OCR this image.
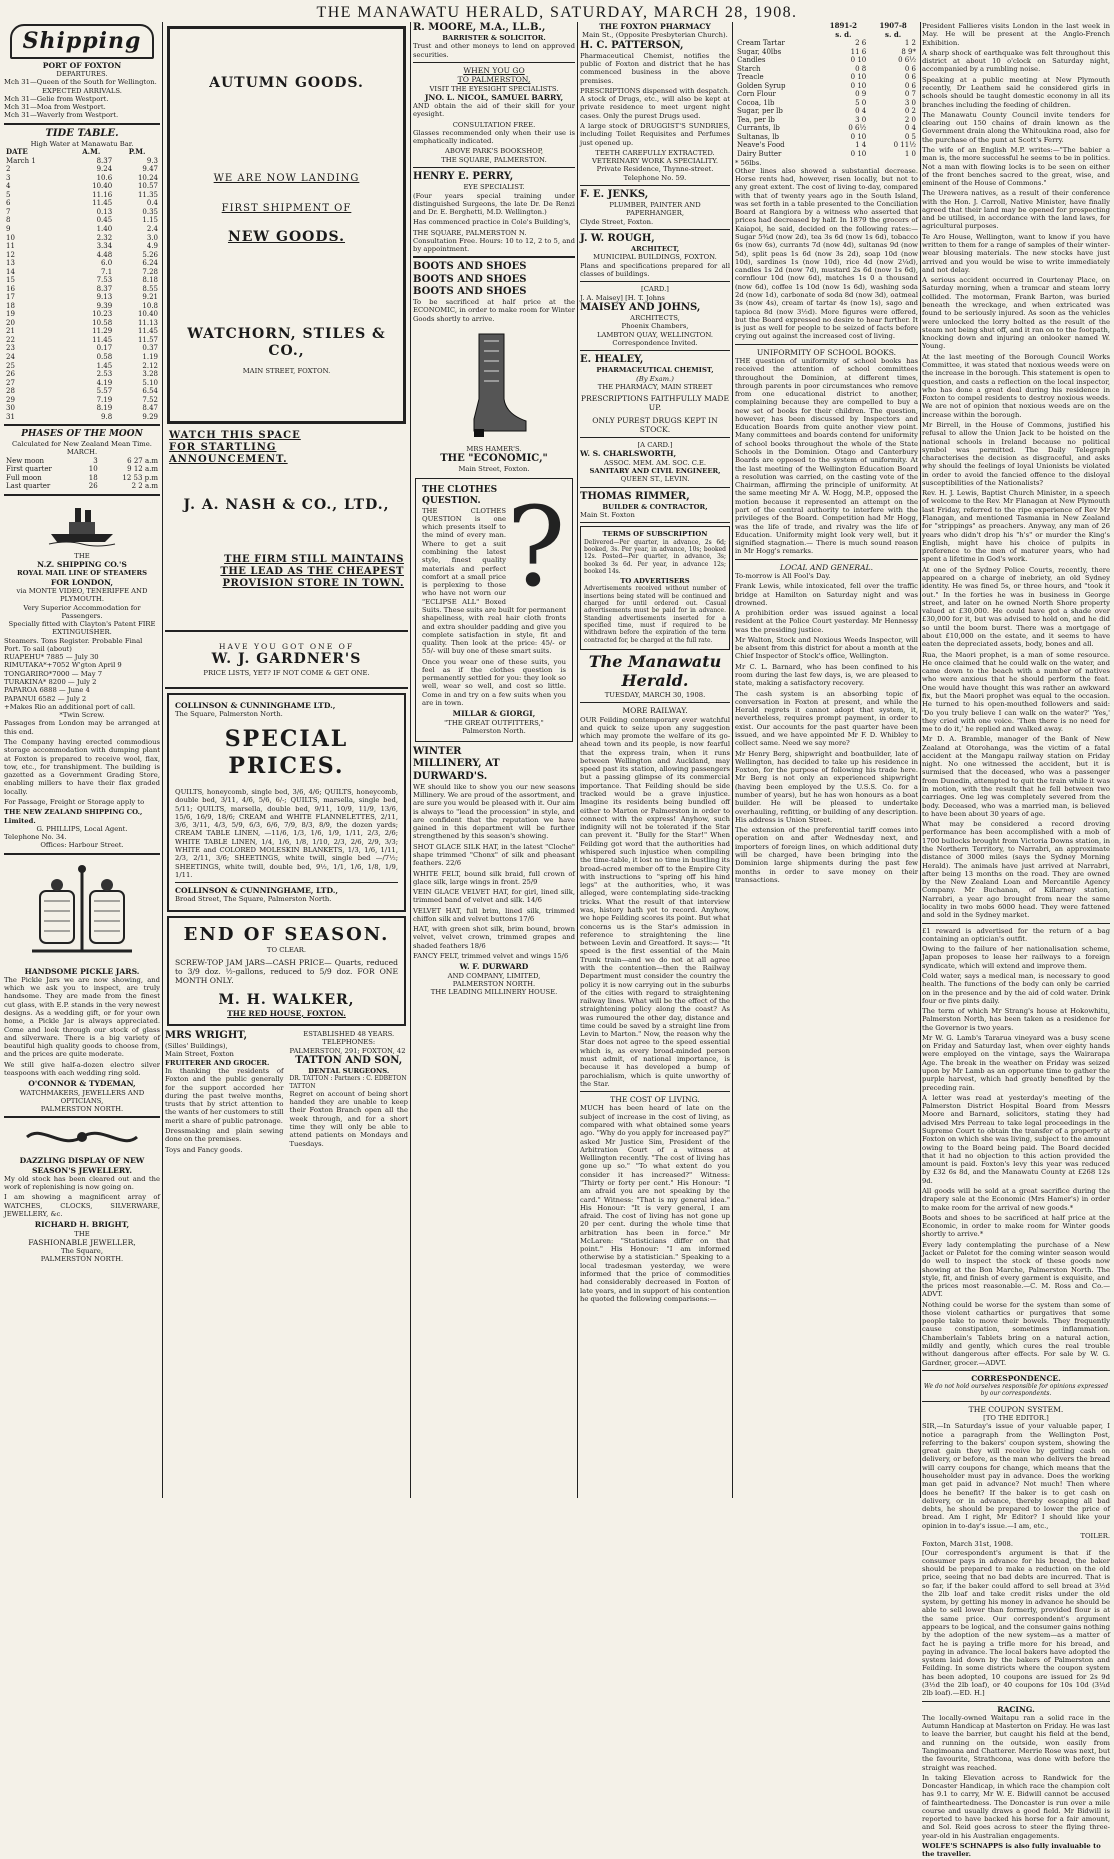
THE MANAWATU HERALD, SATURDAY, MARCH 28, 1908.
Shipping
PORT OF FOXTON
DEPARTURES.
Mch 31—Queen of the South for Wellington.
EXPECTED ARRIVALS.
Mch 31—Gelie from Westport.
Mch 31—Moa from Westport.
Mch 31—Waverly from Westport.
TIDE TABLE.
High Water at Manawatu Bar.
DATE	A.M.	P.M.
March 1	8.37	9.3
2	9.24	9.47
3	10.6	10.24
4	10.40	10.57
5	11.16	11.35
6	11.45	0.4
7	0.13	0.35
8	0.45	1.15
9	1.40	2.4
10	2.32	3.0
11	3.34	4.9
12	4.48	5.26
13	6.0	6.24
14	7.1	7.28
15	7.53	8.18
16	8.37	8.55
17	9.13	9.21
18	9.39	10.8
19	10.23	10.40
20	10.58	11.13
21	11.29	11.45
22	11.45	11.57
23	0.17	0.37
24	0.58	1.19
25	1.45	2.12
26	2.53	3.28
27	4.19	5.10
28	5.57	6.54
29	7.19	7.52
30	8.19	8.47
31	9.8	9.29
PHASES OF THE MOON
Calculated for New Zealand Mean Time.
MARCH.
New moon	3	6 27 a.m
First quarter	10	9 12 a.m
Full moon	18	12 53 p.m
Last quarter	26	2 2 a.m
THE
N.Z. SHIPPING CO.'S
ROYAL MAIL LINE OF STEAMERS
FOR LONDON,
via MONTE VIDEO, TENERIFFE AND PLYMOUTH.
Very Superior Accommodation for Passengers.
Specially fitted with Clayton's Patent FIRE EXTINGUISHER.
Steamers. Tons Register. Probable Final Port. To sail (about)
RUAPEHU* 7885 — July 30
RIMUTAKA*+7052 W'gton April 9
TONGARIRO*7000 — May 7
TURAKINA* 8200 — July 2
PAPAROA 6888 — June 4
PAPANUI 6582 — July 2
+Makes Rio an additional port of call.
*Twin Screw.

Passages from London may be arranged at this end.

The Company having erected commodious storage accommodation with dumping plant at Foxton is prepared to receive wool, flax, tow, etc., for transhipment. The building is gazetted as a Government Grading Store, enabling millers to have their flax graded locally.

For Passage, Freight or Storage apply to

THE NEW ZEALAND SHIPPING CO., Limited.
G. PHILLIPS, Local Agent.
Telephone No. 34.
Offices: Harbour Street.
HANDSOME PICKLE JARS.

The Pickle Jars we are now showing, and which we ask you to inspect, are truly handsome. They are made from the finest cut glass, with E.P. stands in the very newest designs. As a wedding gift, or for your own home, a Pickle Jar is always appreciated. Come and look through our stock of glass and silverware. There is a big variety of beautiful high quality goods to choose from, and the prices are quite moderate.

We still give half-a-dozen electro silver teaspoons with each wedding ring sold.

O'CONNOR & TYDEMAN,
WATCHMAKERS, JEWELLERS AND OPTICIANS,
PALMERSTON NORTH.
DAZZLING DISPLAY OF NEW SEASON'S JEWELLERY.

My old stock has been cleared out and the work of replenishing is now going on.

I am showing a magnificent array of WATCHES, CLOCKS, SILVERWARE, JEWELLERY, &c.

RICHARD H. BRIGHT,
THE
FASHIONABLE JEWELLER,
The Square,
PALMERSTON NORTH.
AUTUMN GOODS.
WE ARE NOW LANDING
FIRST SHIPMENT OF
NEW GOODS.
WATCHORN, STILES & CO.,
MAIN STREET, FOXTON.
WATCH THIS SPACE
FOR STARTLING
ANNOUNCEMENT.
J. A. NASH & CO., LTD.,
THE FIRM STILL MAINTAINS
THE LEAD AS THE CHEAPEST
PROVISION STORE IN TOWN.
HAVE YOU GOT ONE OF
W. J. GARDNER'S
PRICE LISTS, YET? IF NOT COME & GET ONE.
COLLINSON & CUNNINGHAME LTD.,
The Square, Palmerston North.
SPECIAL PRICES.

QUILTS, honeycomb, single bed, 3/6, 4/6; QUILTS, honeycomb, double bed, 3/11, 4/6, 5/6, 6/-; QUILTS, marsella, single bed, 5/11; QUILTS, marsella, double bed, 9/11, 10/9, 11/9, 13/6, 15/6, 16/9, 18/6; CREAM and WHITE FLANNELETTES, 2/11, 3/6, 3/11, 4/3, 5/9, 6/3, 6/6, 7/9, 8/3, 8/9, the dozen yards; CREAM TABLE LINEN, —11/6, 1/3, 1/6, 1/9, 1/11, 2/3, 2/6; WHITE TABLE LINEN, 1/4, 1/6, 1/8, 1/10, 2/3, 2/6, 2/9, 3/3; WHITE and COLORED MOLESKIN BLANKETS, 1/3, 1/6, 1/11, 2/3, 2/11, 3/6; SHEETINGS, white twill, single bed —/7½; SHEETINGS, white twill, double bed, 9½, 1/1, 1/6, 1/8, 1/9, 1/11.

COLLINSON & CUNNINGHAME, LTD.,
Broad Street, The Square, Palmerston North.
END OF SEASON.
TO CLEAR.

SCREW-TOP JAM JARS—CASH PRICE— Quarts, reduced to 3/9 doz. ½-gallons, reduced to 5/9 doz. FOR ONE MONTH ONLY.

M. H. WALKER,
THE RED HOUSE, FOXTON.
MRS WRIGHT,
(Silles' Buildings),
Main Street, Foxton
FRUITERER AND GROCER.

In thanking the residents of Foxton and the public generally for the support accorded her during the past twelve months, trusts that by strict attention to the wants of her customers to still merit a share of public patronage.

Dressmaking and plain sewing done on the premises.

Toys and Fancy goods.

ESTABLISHED 48 YEARS.
TELEPHONES:
PALMERSTON, 291; FOXTON, 42
TATTON AND SON,
DENTAL SURGEONS.
DR. TATTON : Partners : C. EDBETON TATTON

Regret on account of being short handed they are unable to keep their Foxton Branch open all the week through, and for a short time they will only be able to attend patients on Mondays and Tuesdays.

R. MOORE, M.A., LL.B.,
BARRISTER & SOLICITOR.

Trust and other moneys to lend on approved securities.

WHEN YOU GO
TO PALMERSTON,
VISIT THE EYESIGHT SPECIALISTS.
JNO. L. NICOL, SAMUEL BARRY,

AND obtain the aid of their skill for your eyesight.

CONSULTATION FREE.

Glasses recommended only when their use is emphatically indicated.

ABOVE PARK'S BOOKSHOP,
THE SQUARE, PALMERSTON.
HENRY E. PERRY,
EYE SPECIALIST.

(Four years special training under distinguished Surgeons, the late Dr. De Renzi and Dr. E. Berghetti, M.D. Wellington.)

Has commenced practice in Cole's Building's,

THE SQUARE, PALMERSTON N.

Consultation Free. Hours: 10 to 12, 2 to 5, and by appointment.

BOOTS AND SHOES
BOOTS AND SHOES
BOOTS AND SHOES

To be sacrificed at half price at the ECONOMIC, in order to make room for Winter Goods shortly to arrive.

MRS HAMER'S.
THE "ECONOMIC,"
Main Street, Foxton.
?
THE CLOTHES QUESTION.

THE CLOTHES QUESTION is one which presents itself to the mind of every man. Where to get a suit combining the latest style, finest quality materials and perfect comfort at a small price is perplexing to those who have not worn our "ECLIPSE ALL" Boxed Suits. These suits are built for permanent shapeliness, with real hair cloth fronts and extra shoulder padding and give you complete satisfaction in style, fit and quality. Then look at the price: 45/- or 55/- will buy one of these smart suits.

Once you wear one of these suits, you feel as if the clothes question is permanently settled for you: they look so well, wear so well, and cost so little. Come in and try on a few suits when you are in town.

MILLAR & GIORGI,
"THE GREAT OUTFITTERS,"
Palmerston North.
WINTER MILLINERY, AT DURWARD'S.

WE should like to show you our new seasons Millinery. We are proud of the assortment, and are sure you would be pleased with it. Our aim is always to "lead the procession" in style, and are confident that the reputation we have gained in this department will be further strengthened by this season's showing.

SHOT GLACE SILK HAT, in the latest "Cloche" shape trimmed "Chonx" of silk and pheasant feathers. 22/6

WHITE FELT, bound silk braid, full crown of glace silk, large wings in front. 25/9

VEIN GLACE VELVET HAT, for girl, lined silk, trimmed band of velvet and silk. 14/6

VELVET HAT, full brim, lined silk, trimmed chiffon silk and velvet buttons 17/6

HAT, with green shot silk, brim bound, brown velvet, velvet crown, trimmed grapes and shaded feathers 18/6

FANCY FELT, trimmed velvet and wings 15/6

W. F. DURWARD
AND COMPANY, LIMITED,
PALMERSTON NORTH.
THE LEADING MILLINERY HOUSE.
THE FOXTON PHARMACY
Main St., (Opposite Presbyterian Church).
H. C. PATTERSON,

Pharmaceutical Chemist, notifies the public of Foxton and district that he has commenced business in the above premises.

PRESCRIPTIONS dispensed with despatch. A stock of Drugs, etc., will also be kept at private residence to meet urgent night cases. Only the purest Drugs used.

A large stock of DRUGGIST'S SUNDRIES, including Toilet Requisites and Perfumes just opened up.

TEETH CAREFULLY EXTRACTED.
VETERINARY WORK A SPECIALITY.
Private Residence, Thynne-street. Telephone No. 59.
F. E. JENKS,
PLUMBER, PAINTER AND PAPERHANGER,
Clyde Street, Foxton.
J. W. ROUGH,
ARCHITECT,
MUNICIPAL BUILDINGS, FOXTON.

Plans and specifications prepared for all classes of buildings.

[CARD.]
J. A. Maisey] [H. T. Johns
MAISEY AND JOHNS,
ARCHITECTS,
Phoenix Chambers,
LAMBTON QUAY, WELLINGTON.
Correspondence Invited.
E. HEALEY,
PHARMACEUTICAL CHEMIST,
(By Exam.)
THE PHARMACY, MAIN STREET
PRESCRIPTIONS FAITHFULLY MADE UP.
ONLY PUREST DRUGS KEPT IN STOCK.
[A CARD.]
W. S. CHARLSWORTH,
ASSOC. MEM. AM. SOC. C.E.
SANITARY AND CIVIL ENGINEER,
QUEEN ST., LEVIN.
THOMAS RIMMER,
BUILDER & CONTRACTOR,
Main St. Foxton
TERMS OF SUBSCRIPTION

Delivered—Per quarter, in advance, 2s 6d; booked, 3s. Per year, in advance, 10s; booked 12s. Posted—Per quarter, in advance, 3s; booked 3s 6d. Per year, in advance 12s; booked 14s.

TO ADVERTISERS

Advertisements received without number of insertions being stated will be continued and charged for until ordered out. Casual advertisements must be paid for in advance. Standing advertisements inserted for a specified time, must if required to be withdrawn before the expiration of the term contracted for, be charged at the full rate.

The Manawatu Herald.
TUESDAY, MARCH 30, 1908.
MORE RAILWAY.

OUR Feilding contemporary ever watchful and quick to seize upon any suggestion which may promote the welfare of its go-ahead town and its people, is now fearful that the express train, when it runs between Wellington and Auckland, may speed past its station, allowing passengers but a passing glimpse of its commercial importance. That Feilding should be side tracked would be a grave injustice. Imagine its residents being bundled off either to Marton or Palmerston in order to connect with the express! Anyhow, such indignity will not be tolerated if the Star can prevent it. "Bully for the Star!" When Feilding got word that the authorities had whispered such injustice when compiling the time-table, it lost no time in bustling its broad-acred member off to the Empire City with instructions to "spring off his hind legs" at the authorities, who, it was alleged, were contemplating side-tracking tricks. What the result of that interview was, history hath yet to record. Anyhow, we hope Feilding scores its point. But what concerns us is the Star's admission in reference to straightening the line between Levin and Greatford. It says:— "It speed is the first essential of the Main Trunk train—and we do not at all agree with the contention—then the Railway Department must consider the country the policy it is now carrying out in the suburbs of the cities with regard to straightening railway lines. What will be the effect of the straightening policy along the coast? As was rumoured the other day, distance and time could be saved by a straight line from Levin to Marton." Now, the reason why the Star does not agree to the speed essential which is, as every broad-minded person must admit, of national importance, is because it has developed a bump of parochialism, which is quite unworthy of the Star.

THE COST OF LIVING.

MUCH has been heard of late on the subject of increase in the cost of living, as compared with what obtained some years ago. "Why do you apply for increased pay?" asked Mr Justice Sim, President of the Arbitration Court of a witness at Wellington recently. "The cost of living has gone up so." "To what extent do you consider it has increased?" Witness: "Thirty or forty per cent." His Honour: "I am afraid you are not speaking by the card." Witness: "That is my general idea." His Honour: "It is very general, I am afraid. The cost of living has not gone up 20 per cent. during the whole time that arbitration has been in force." Mr McLaren: "Statisticians differ on that point." His Honour: "I am informed otherwise by a statistician." Speaking to a local tradesman yesterday, we were informed that the price of commodities had considerably decreased in Foxton of late years, and in support of his contention he quoted the following comparisons:—

	1891-2	1907-8
	s. d.	s. d.
Cream Tartar	2 6	1 2
Sugar, 40lbs	11 6	8 9*
Candles	0 10	0 6½
Starch	0 8	0 6
Treacle	0 10	0 6
Golden Syrup	0 10	0 6
Corn Flour	0 9	0 7
Cocoa, 1lb	5 0	3 0
Sugar, per lb	0 4	0 2
Tea, per lb	3 0	2 0
Currants, lb	0 6½	0 4
Sultanas, lb	0 10	0 5
Neave's Food	1 4	0 11½
Dairy Butter	0 10	1 0
* 56lbs.

Other lines also showed a substantial decrease. Horse rents had, however, risen locally, but not to any great extent. The cost of living to-day, compared with that of twenty years ago in the South Island, was set forth in a table presented to the Conciliation Board at Rangiora by a witness who asserted that prices had decreased by half. In 1879 the grocers of Kaiapoi, he said, decided on the following rates:—Sugar 5¾d (now 2d), tea 3s 6d (now 1s 6d), tobacco 6s (now 6s), currants 7d (now 4d), sultanas 9d (now 5d), split peas 1s 6d (now 3s 2d), soap 10d (now 10d), sardines 1s (now 10d), rice 4d (now 2¼d), candles 1s 2d (now 7d), mustard 2s 6d (now 1s 6d), cornflour 10d (now 6d), matches 1s 0 a thousand (now 6d), coffee 1s 10d (now 1s 6d), washing soda 2d (now 1d), carbonate of soda 8d (now 3d), oatmeal 3s (now 4s), cream of tartar 4s (now 1s), sago and tapioca 8d (now 3½d). More figures were offered, but the Board expressed no desire to hear further. It is just as well for people to be seized of facts before crying out against the increased cost of living.

UNIFORMITY OF SCHOOL BOOKS.

THE question of uniformity of school books has received the attention of school committees throughout the Dominion, at different times, through parents in poor circumstances who remove from one educational district to another, complaining because they are compelled to buy a new set of books for their children. The question, however, has been discussed by Inspectors and Education Boards from quite another view point. Many committees and boards contend for uniformity of school books throughout the whole of the State Schools in the Dominion. Otago and Canterbury Boards are opposed to the system of uniformity. At the last meeting of the Wellington Education Board a resolution was carried, on the casting vote of the Chairman, affirming the principle of uniformity. At the same meeting Mr A. W. Hogg, M.P., opposed the motion because it represented an attempt on the part of the central authority to interfere with the privileges of the Board. Competition had Mr Hogg, was the life of trade, and rivalry was the life of Education. Uniformity might look very well, but it signified stagnation.— There is much sound reason in Mr Hogg's remarks.

LOCAL AND GENERAL.

To-morrow is All Fool's Day.

Frank Lewis, while intoxicated, fell over the traffic bridge at Hamilton on Saturday night and was drowned.

A prohibition order was issued against a local resident at the Police Court yesterday. Mr Hennessy was the presiding justice.

Mr Walton, Stock and Noxious Weeds Inspector, will be absent from this district for about a month at the Chief Inspector of Stock's office, Wellington.

Mr C. L. Barnard, who has been confined to his room during the last few days, is, we are pleased to state, making a satisfactory recovery.

The cash system is an absorbing topic of conversation in Foxton at present, and while the Herald regrets it cannot adopt that system, it, nevertheless, requires prompt payment, in order to exist. Our accounts for the past quarter have been issued, and we have appointed Mr F. D. Whibley to collect same. Need we say more?

Mr Henry Berg, shipwright and boatbuilder, late of Wellington, has decided to take up his residence in Foxton, for the purpose of following his trade here. Mr Berg is not only an experienced shipwright (having been employed by the U.S.S. Co. for a number of years), but he has won honours as a boat builder. He will be pleased to undertake overhauling, refitting, or building of any description. His address is Union Street.

The extension of the preferential tariff comes into operation on and after Wednesday next, and importers of foreign lines, on which additional duty will be charged, have been bringing into the Dominion large shipments during the past few months in order to save money on their transactions.

President Fallieres visits London in the last week in May. He will be present at the Anglo-French Exhibition.

A sharp shock of earthquake was felt throughout this district at about 10 o'clock on Saturday night, accompanied by a rumbling noise.

Speaking at a public meeting at New Plymouth recently, Dr Leathem said he considered girls in schools should be taught domestic economy in all its branches including the feeding of children.

The Manawatu County Council invite tenders for clearing out 150 chains of drain known as the Government drain along the Whitoukina road, also for the purchase of the punt at Scott's Ferry.

The wife of an English M.P. writes:—"The babier a man is, the more successful he seems to be in politics. Not a man with flowing locks is to be seen on either of the front benches sacred to the great, wise, and eminent of the House of Commons."

The Urewera natives, as a result of their conference with the Hon. J. Carroll, Native Minister, have finally agreed that their land may be opened for prospecting and be utilised, in accordance with the land laws, for agricultural purposes.

Te Aro House, Wellington, want to know if you have written to them for a range of samples of their winter-wear blousing materials. The new stocks have just arrived and you would be wise to write immediately and not delay.

A serious accident occurred in Courtenay Place, on Saturday morning, when a tramcar and steam lorry collided. The motorman, Frank Barton, was buried beneath the wreckage, and when extricated was found to be seriously injured. As soon as the vehicles were unlocked the lorry bolted as the result of the steam not being shut off, and it ran on to the footpath, knocking down and injuring an onlooker named W. Young.

At the last meeting of the Borough Council Works Committee, it was stated that noxious weeds were on the increase in the borough. This statement is open to question, and casts a reflection on the local inspector, who has done a great deal during his residence in Foxton to compel residents to destroy noxious weeds. We are not of opinion that noxious weeds are on the increase within the borough.

Mr Birrell, in the House of Commons, justified his refusal to allow the Union Jack to be hoisted on the national schools in Ireland because no political symbol was permitted. The Daily Telegraph characterises the decision as disgraceful, and asks why should the feelings of loyal Unionists be violated in order to avoid the fancied offence to the disloyal susceptibilities of the Nationalists?

Rev. H. J. Lewis, Baptist Church Minister, in a speech of welcome to the Rev. Mr Flanagan at New Plymouth last Friday, referred to the ripe experience of Rev Mr Flanagan, and mentioned Tasmania in New Zealand for "strippings" as preachers. Anyway, any man of 26 years who didn't drop his "h's" or murder the King's English, might have his choice of pulpits in preference to the men of maturer years, who had spent a lifetime in God's work.

At one of the Sydney Police Courts, recently, there appeared on a charge of inebriety, an old Sydney identity. He was fined 5s, or three hours, and "took it out." In the forties he was in business in George street, and later on he owned North Shore property valued at £30,000. He could have got a shade over £30,000 for it, but was advised to hold on, and he did so until the boom burst. There was a mortgage of about £10,000 on the estate, and it seems to have eaten the depreciated assets, body, bones and all.

Rua, the Maori prophet, is a man of some resource. He once claimed that he could walk on the water, and came down to the beach with a number of natives who were anxious that he should perform the feat. One would have thought this was rather an awkward fix, but the Maori prophet was equal to the occasion. He turned to his open-mouthed followers and said: 'Do you truly believe I can walk on the water?' 'Yes,' they cried with one voice. 'Then there is no need for me to do it,' he replied and walked away.

Mr D. A. Bramble, manager of the Bank of New Zealand at Otorohanga, was the victim of a fatal accident at the Mangapu railway station on Friday night. No one witnessed the accident, but it is surmised that the deceased, who was a passenger from Dunedin, attempted to quit the train while it was in motion, with the result that he fell between two carriages. One leg was completely severed from the body. Deceased, who was a married man, is believed to have been about 30 years of age.

What may be considered a record droving performance has been accomplished with a mob of 1700 bullocks brought from Victoria Downs station, in the Northern Territory, to Narrabri, an approximate distance of 3000 miles (says the Sydney Morning Herald). The animals have just arrived at Narrabri, after being 13 months on the road. They are owned by the New Zealand Loan and Mercantile Agency Company. Mr Buchanan, of Killarney station, Narrabri, a year ago brought from near the same locality in two mobs 6000 head. They were fattened and sold in the Sydney market.

£1 reward is advertised for the return of a bag containing an optician's outfit.

Owing to the failure of her nationalisation scheme, Japan proposes to lease her railways to a foreign syndicate, which will extend and improve them.

Cold water, says a medical man, is necessary to good health. The functions of the body can only be carried on in the presence and by the aid of cold water. Drink four or five pints daily.

The term of which Mr Strang's house at Hokowhitu, Palmerston North, has been taken as a residence for the Governor is two years.

Mr W. G. Lamb's Tararua vineyard was a busy scene on Friday and Saturday last, when over eighty hands were employed on the vintage, says the Wairarapa Age. The break in the weather on Friday was seized upon by Mr Lamb as an opportune time to gather the purple harvest, which had greatly benefited by the preceding rain.

A letter was read at yesterday's meeting of the Palmerston District Hospital Board from Messrs Moore and Barnard, solicitors, stating they had advised Mrs Perreau to take legal proceedings in the Supreme Court to obtain the transfer of a property at Foxton on which she was living, subject to the amount owing to the Board being paid. The Board decided that it had no objection to this action provided the amount is paid. Foxton's levy this year was reduced by £32 6s 8d, and the Manawatu County at £268 12s 9d.

All goods will be sold at a great sacrifice during the drapery sale at the Economic (Mrs Hamer's) in order to make room for the arrival of new goods.*

Boots and shoes to be sacrificed at half price at the Economic, in order to make room for Winter goods shortly to arrive.*

Every lady contemplating the purchase of a New Jacket or Paletot for the coming winter season would do well to inspect the stock of these goods now showing at the Bon Marche, Palmerston North. The style, fit, and finish of every garment is exquisite, and the prices most reasonable.—C. M. Ross and Co.—ADVT.

Nothing could be worse for the system than some of those violent cathartics or purgatives that some people take to move their bowels. They frequently cause constipation, sometimes inflammation. Chamberlain's Tablets bring on a natural action, mildly and gently, which cures the real trouble without dangerous after effects. For sale by W. G. Gardner, grocer.—ADVT.

CORRESPONDENCE.
We do not hold ourselves responsible for opinions expressed by our correspondents.
THE COUPON SYSTEM.
[TO THE EDITOR.]

SIR,—In Saturday's issue of your valuable paper, I notice a paragraph from the Wellington Post, referring to the bakers' coupon system, showing the great gain they will receive by getting cash on delivery, or before, as the man who delivers the bread will carry coupons for change, which means that the householder must pay in advance. Does the working man get paid in advance? Not much! Then where does he benefit? If the baker is to get cash on delivery, or in advance, thereby escaping all bad debts, he should be prepared to lower the price of bread. Am I right, Mr Editor? I should like your opinion in to-day's issue.—I am, etc.,

TOILER.
Foxton, March 31st, 1908.

[Our correspondent's argument is that if the consumer pays in advance for his bread, the baker should be prepared to make a reduction on the old price, seeing that no bad debts are incurred. That is so far, if the baker could afford to sell bread at 3½d the 2lb loaf and take credit risks under the old system, by getting his money in advance he should be able to sell lower than formerly, provided flour is at the same price. Our correspondent's argument appears to be logical, and the consumer gains nothing by the adoption of the new system—as a matter of fact he is paying a trifle more for his bread, and paying in advance. The local bakers have adopted the system laid down by the bakers of Palmerston and Feilding. In some districts where the coupon system has been adopted, 10 coupons are issued for 2s 9d (3½d the 2lb loaf), or 40 coupons for 10s 10d (3¼d 2lb loaf).—ED. H.]

RACING.

The locally-owned Waitapu ran a solid race in the Autumn Handicap at Masterton on Friday. He was last to leave the barrier, but caught his field at the bend, and running on the outside, won easily from Tangimoana and Chatterer. Merrie Rose was next, but the favourite, Strathcona, was done with before the straight was reached.

In taking Elevation across to Randwick for the Doncaster Handicap, in which race the champion colt has 9.1 to carry, Mr W. E. Bidwill cannot be accused of faintheartedness. The Doncaster is run over a mile course and usually draws a good field. Mr Bidwill is reported to have backed his horse for a fair amount, and Sol. Reid goes across to steer the flying three-year-old in his Australian engagements.

WOLFE'S SCHNAPPS is also fully invaluable to the traveller.
